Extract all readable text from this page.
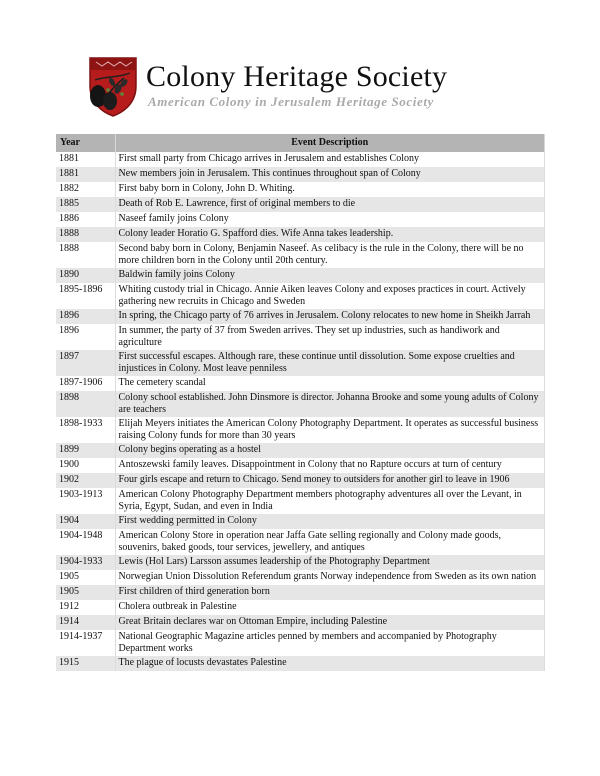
Colony Heritage Society
American Colony in Jerusalem Heritage Society
Year	Event Description
1881	First small party from Chicago arrives in Jerusalem and establishes Colony
1881	New members join in Jerusalem. This continues throughout span of Colony
1882	First baby born in Colony, John D. Whiting.
1885	Death of Rob E. Lawrence, first of original members to die
1886	Naseef family joins Colony
1888	Colony leader Horatio G. Spafford dies. Wife Anna takes leadership.
1888	Second baby born in Colony, Benjamin Naseef. As celibacy is the rule in the Colony, there will be no more children born in the Colony until 20th century.
1890	Baldwin family joins Colony
1895-1896	Whiting custody trial in Chicago. Annie Aiken leaves Colony and exposes practices in court. Actively gathering new recruits in Chicago and Sweden
1896	In spring, the Chicago party of 76 arrives in Jerusalem. Colony relocates to new home in Sheikh Jarrah
1896	In summer, the party of 37 from Sweden arrives. They set up industries, such as handiwork and agriculture
1897	First successful escapes. Although rare, these continue until dissolution. Some expose cruelties and injustices in Colony. Most leave penniless
1897-1906	The cemetery scandal
1898	Colony school established. John Dinsmore is director. Johanna Brooke and some young adults of Colony are teachers
1898-1933	Elijah Meyers initiates the American Colony Photography Department. It operates as successful business raising Colony funds for more than 30 years
1899	Colony begins operating as a hostel
1900	Antoszewski family leaves. Disappointment in Colony that no Rapture occurs at turn of century
1902	Four girls escape and return to Chicago. Send money to outsiders for another girl to leave in 1906
1903-1913	American Colony Photography Department members photography adventures all over the Levant, in Syria, Egypt, Sudan, and even in India
1904	First wedding permitted in Colony
1904-1948	American Colony Store in operation near Jaffa Gate selling regionally and Colony made goods, souvenirs, baked goods, tour services, jewellery, and antiques
1904-1933	Lewis (Hol Lars) Larsson assumes leadership of the Photography Department
1905	Norwegian Union Dissolution Referendum grants Norway independence from Sweden as its own nation
1905	First children of third generation born
1912	Cholera outbreak in Palestine
1914	Great Britain declares war on Ottoman Empire, including Palestine
1914-1937	National Geographic Magazine articles penned by members and accompanied by Photography Department works
1915	The plague of locusts devastates Palestine
